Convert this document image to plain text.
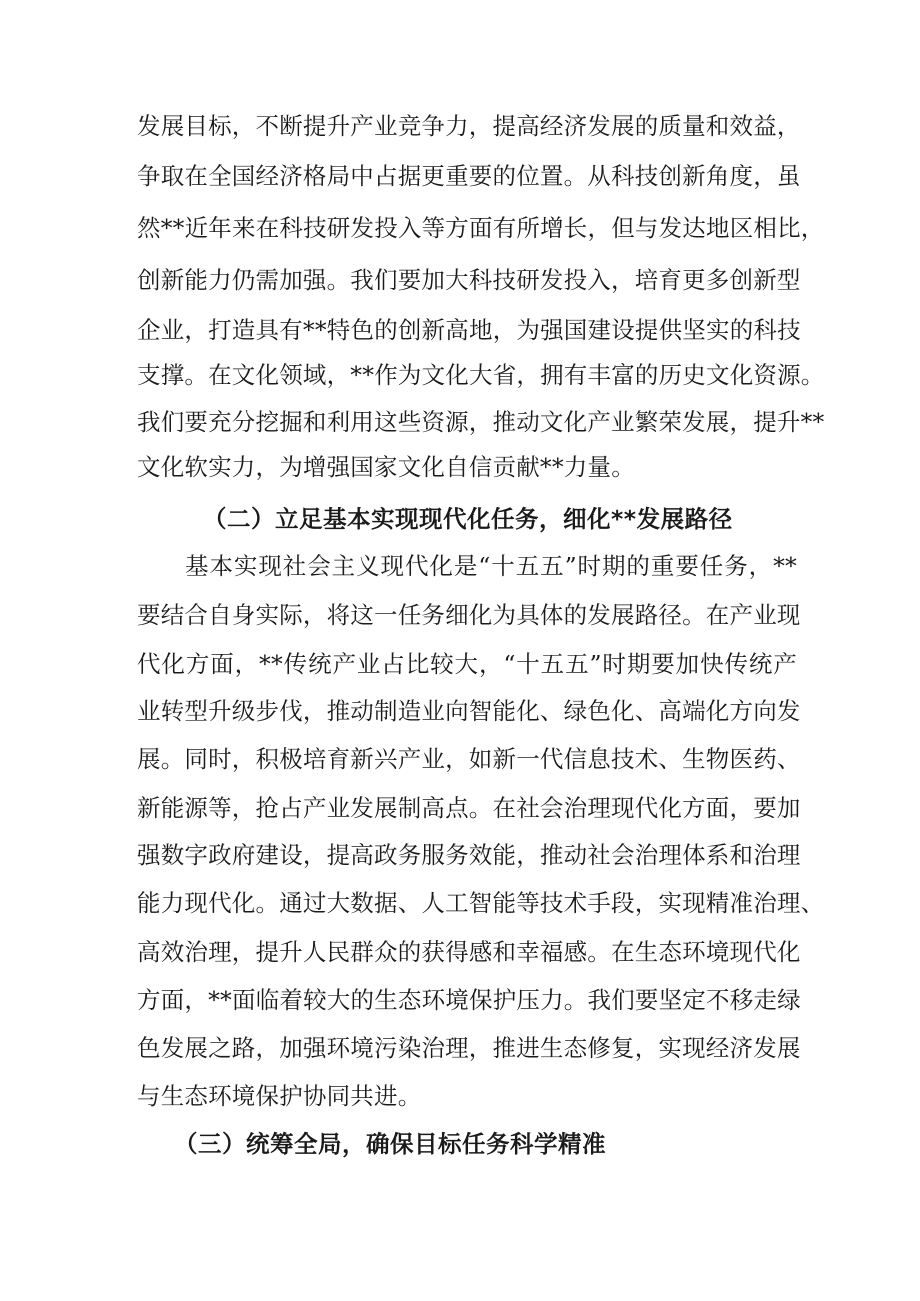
发展目标，不断提升产业竞争力，提高经济发展的质量和效益，
争取在全国经济格局中占据更重要的位置。从科技创新角度，虽
然**近年来在科技研发投入等方面有所增长，但与发达地区相比，
创新能力仍需加强。我们要加大科技研发投入，培育更多创新型
企业，打造具有**特色的创新高地，为强国建设提供坚实的科技
支撑。在文化领域，**作为文化大省，拥有丰富的历史文化资源。
我们要充分挖掘和利用这些资源，推动文化产业繁荣发展，提升**
文化软实力，为增强国家文化自信贡献**力量。
（二）立足基本实现现代化任务，细化**发展路径
基本实现社会主义现代化是“十五五”时期的重要任务，**
要结合自身实际，将这一任务细化为具体的发展路径。在产业现
代化方面，**传统产业占比较大，“十五五”时期要加快传统产
业转型升级步伐，推动制造业向智能化、绿色化、高端化方向发
展。同时，积极培育新兴产业，如新一代信息技术、生物医药、
新能源等，抢占产业发展制高点。在社会治理现代化方面，要加
强数字政府建设，提高政务服务效能，推动社会治理体系和治理
能力现代化。通过大数据、人工智能等技术手段，实现精准治理、
高效治理，提升人民群众的获得感和幸福感。在生态环境现代化
方面，**面临着较大的生态环境保护压力。我们要坚定不移走绿
色发展之路，加强环境污染治理，推进生态修复，实现经济发展
与生态环境保护协同共进。
（三）统筹全局，确保目标任务科学精准
